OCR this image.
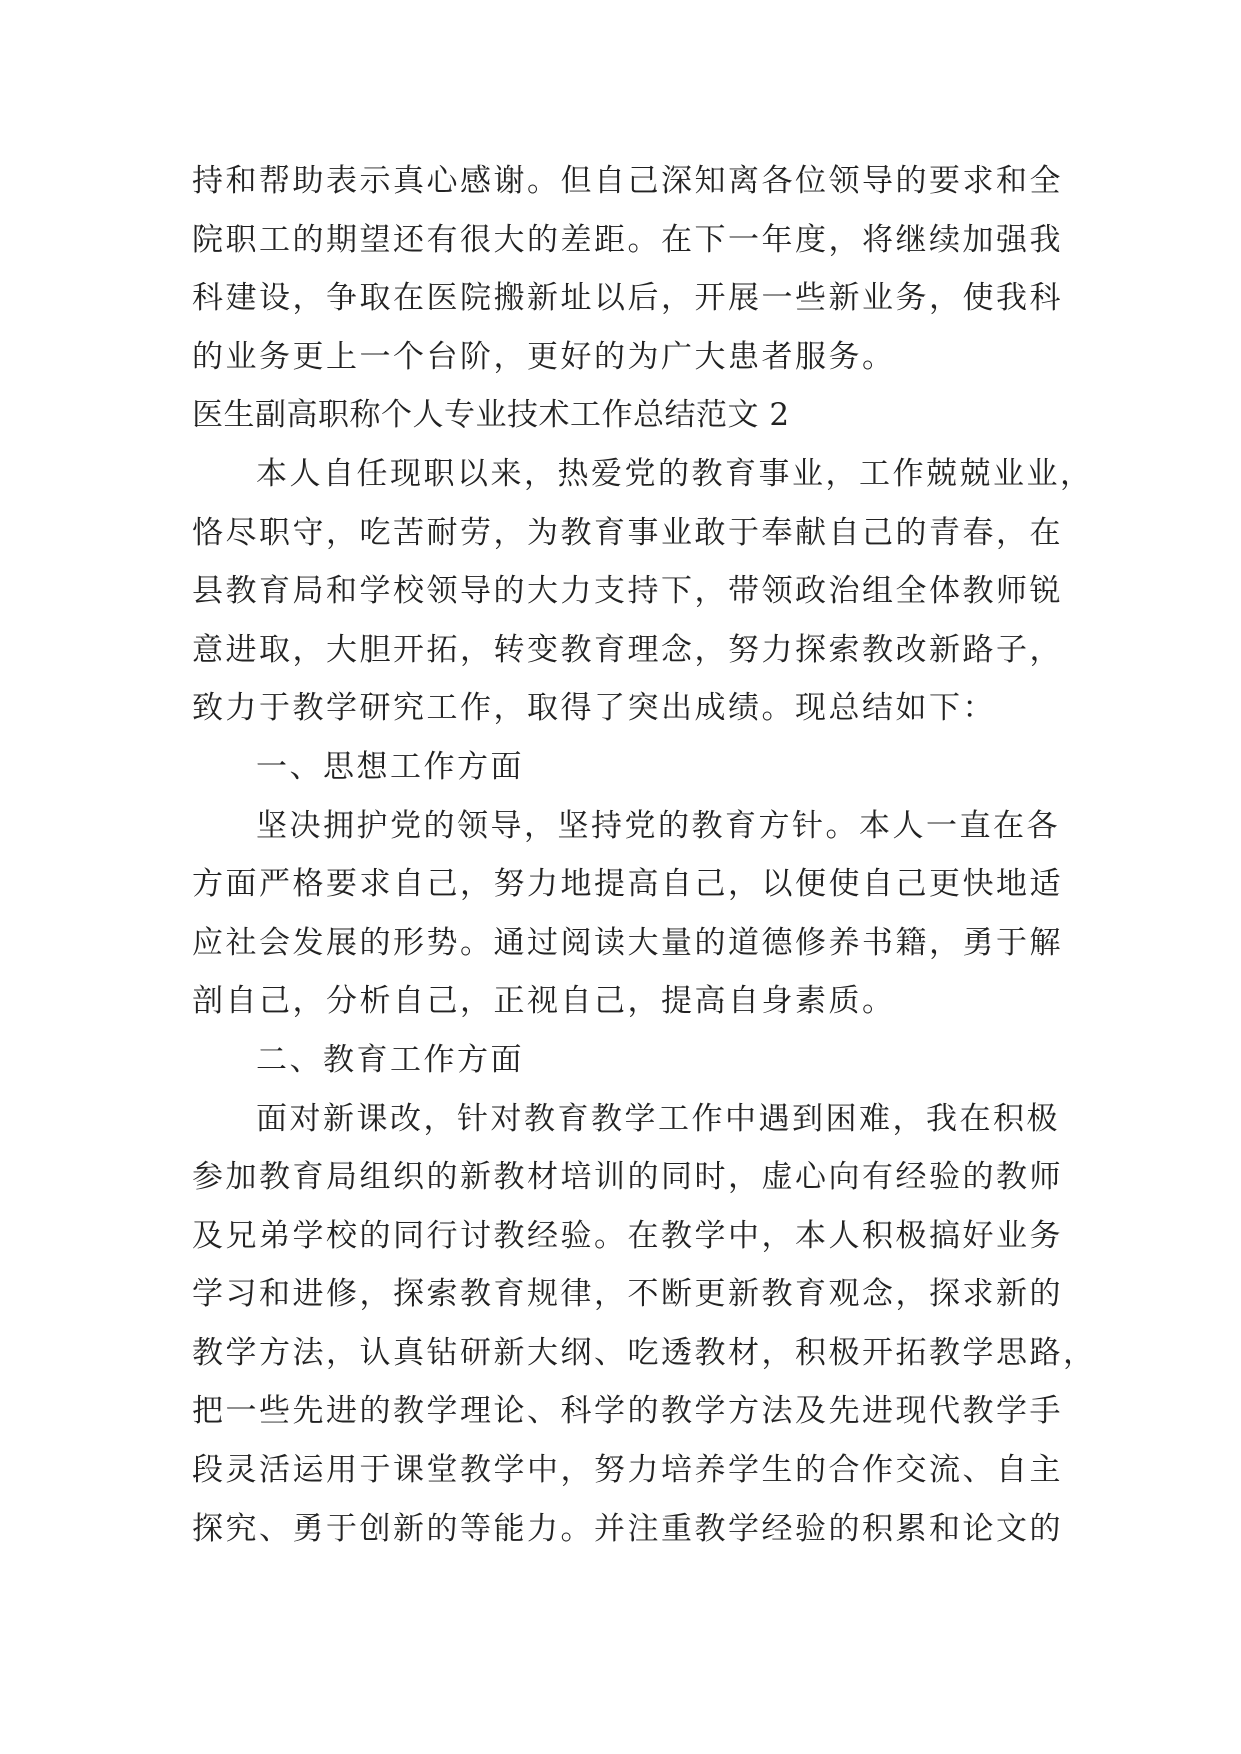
持和帮助表示真心感谢。但自己深知离各位领导的要求和全
院职工的期望还有很大的差距。在下一年度，将继续加强我
科建设，争取在医院搬新址以后，开展一些新业务，使我科
的业务更上一个台阶，更好的为广大患者服务。
医生副高职称个人专业技术工作总结范文 2
本人自任现职以来，热爱党的教育事业，工作兢兢业业，
恪尽职守，吃苦耐劳，为教育事业敢于奉献自己的青春，在
县教育局和学校领导的大力支持下，带领政治组全体教师锐
意进取，大胆开拓，转变教育理念，努力探索教改新路子，
致力于教学研究工作，取得了突出成绩。现总结如下：
一、思想工作方面
坚决拥护党的领导，坚持党的教育方针。本人一直在各
方面严格要求自己，努力地提高自己，以便使自己更快地适
应社会发展的形势。通过阅读大量的道德修养书籍，勇于解
剖自己，分析自己，正视自己，提高自身素质。
二、教育工作方面
面对新课改，针对教育教学工作中遇到困难，我在积极
参加教育局组织的新教材培训的同时，虚心向有经验的教师
及兄弟学校的同行讨教经验。在教学中，本人积极搞好业务
学习和进修，探索教育规律，不断更新教育观念，探求新的
教学方法，认真钻研新大纲、吃透教材，积极开拓教学思路，
把一些先进的教学理论、科学的教学方法及先进现代教学手
段灵活运用于课堂教学中，努力培养学生的合作交流、自主
探究、勇于创新的等能力。并注重教学经验的积累和论文的
